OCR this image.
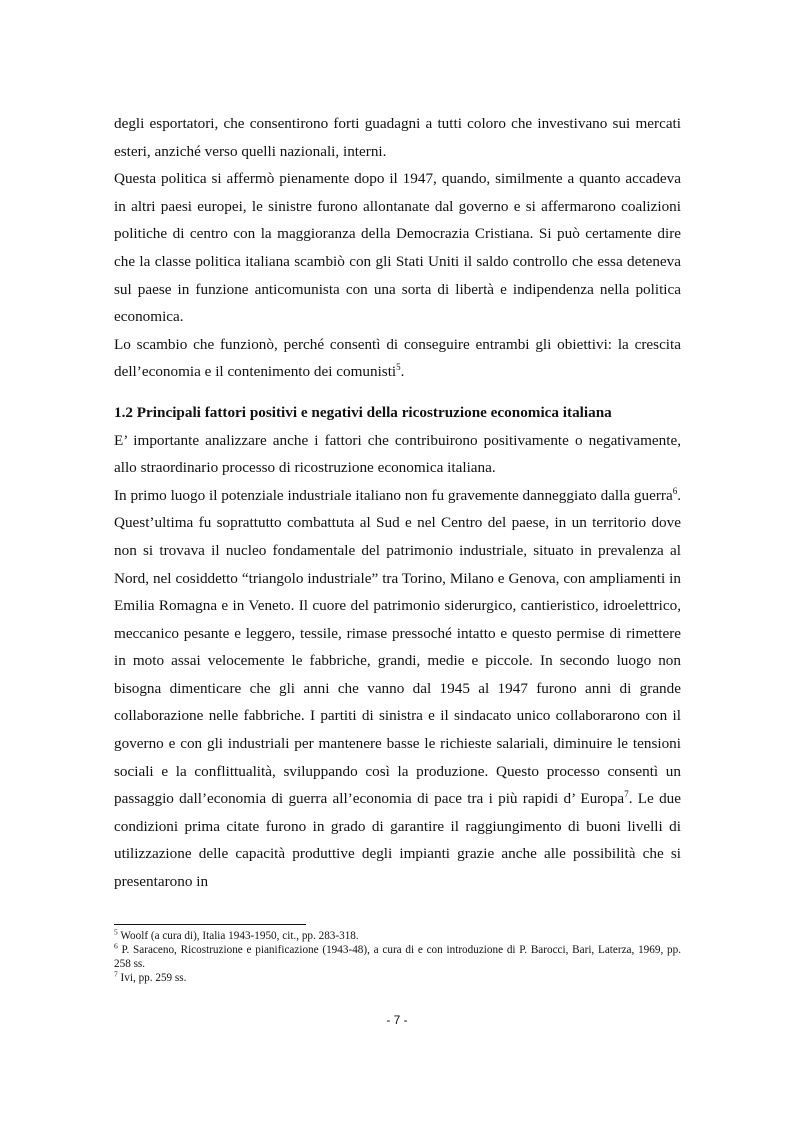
degli esportatori, che consentirono forti guadagni a tutti coloro che investivano sui mercati esteri, anziché verso quelli nazionali, interni.

Questa politica si affermò pienamente dopo il 1947, quando, similmente a quanto accadeva in altri paesi europei, le sinistre furono allontanate dal governo e si affermarono coalizioni politiche di centro con la maggioranza della Democrazia Cristiana. Si può certamente dire che la classe politica italiana scambiò con gli Stati Uniti il saldo controllo che essa deteneva sul paese in funzione anticomunista con una sorta di libertà e indipendenza nella politica economica.

Lo scambio che funzionò, perché consentì di conseguire entrambi gli obiettivi: la crescita dell’economia e il contenimento dei comunisti$^5$.

1.2 Principali fattori positivi e negativi della ricostruzione economica italiana

E’ importante analizzare anche i fattori che contribuirono positivamente o negativamente, allo straordinario processo di ricostruzione economica italiana.

In primo luogo il potenziale industriale italiano non fu gravemente danneggiato dalla guerra$^6$. Quest’ultima fu soprattutto combattuta al Sud e nel Centro del paese, in un territorio dove non si trovava il nucleo fondamentale del patrimonio industriale, situato in prevalenza al Nord, nel cosiddetto “triangolo industriale” tra Torino, Milano e Genova, con ampliamenti in Emilia Romagna e in Veneto. Il cuore del patrimonio siderurgico, cantieristico, idroelettrico, meccanico pesante e leggero, tessile, rimase pressoché intatto e questo permise di rimettere in moto assai velocemente le fabbriche, grandi, medie e piccole. In secondo luogo non bisogna dimenticare che gli anni che vanno dal 1945 al 1947 furono anni di grande collaborazione nelle fabbriche. I partiti di sinistra e il sindacato unico collaborarono con il governo e con gli industriali per mantenere basse le richieste salariali, diminuire le tensioni sociali e la conflittualità, sviluppando così la produzione. Questo processo consentì un passaggio dall’economia di guerra all’economia di pace tra i più rapidi d’ Europa$^7$. Le due condizioni prima citate furono in grado di garantire il raggiungimento di buoni livelli di utilizzazione delle capacità produttive degli impianti grazie anche alle possibilità che si presentarono in

$^5$ Woolf (a cura di), Italia 1943-1950, cit., pp. 283-318.

$^6$ P. Saraceno, Ricostruzione e pianificazione (1943-48), a cura di e con introduzione di P. Barocci, Bari, Laterza, 1969, pp. 258 ss.

$^7$ Ivi, pp. 259 ss.

- 7 -
